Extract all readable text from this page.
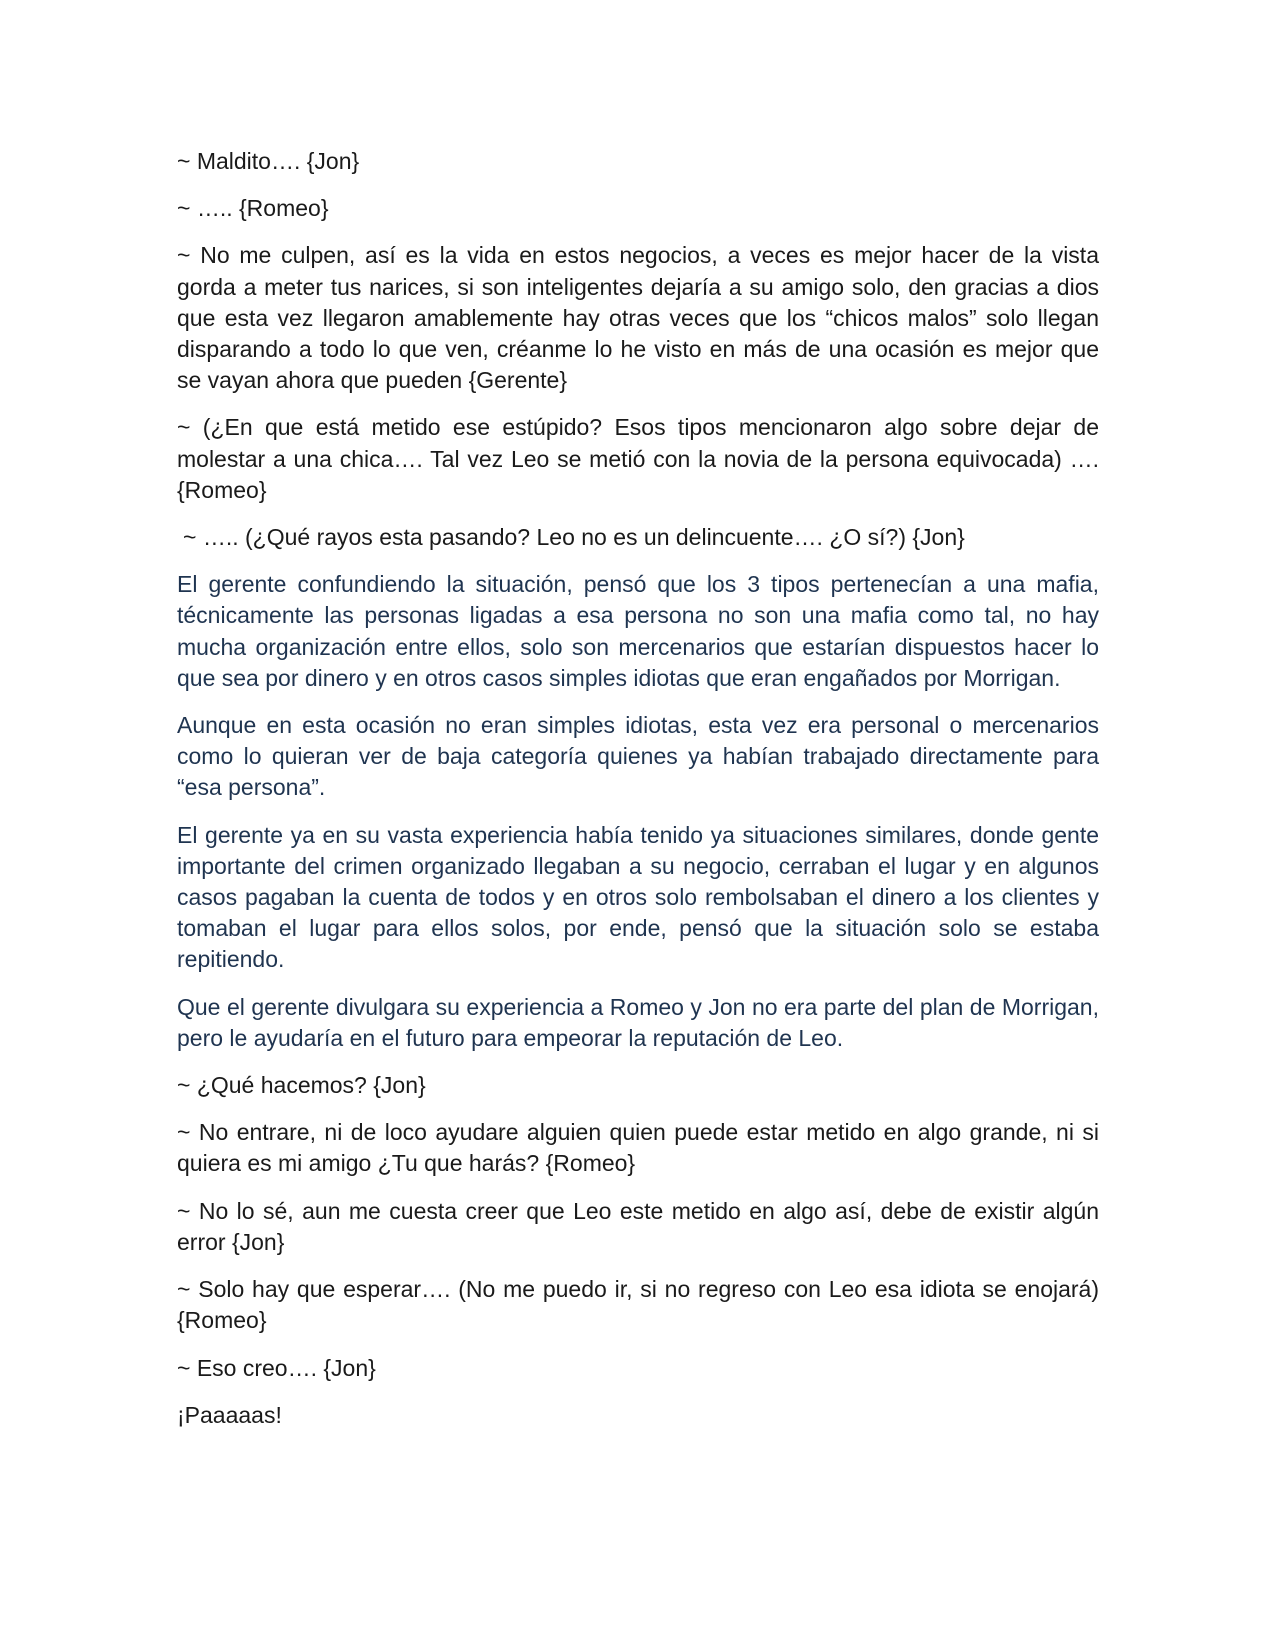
~ Maldito…. {Jon}

~ ….. {Romeo}

~ No me culpen, así es la vida en estos negocios, a veces es mejor hacer de la vista gorda a meter tus narices, si son inteligentes dejaría a su amigo solo, den gracias a dios que esta vez llegaron amablemente hay otras veces que los “chicos malos” solo llegan disparando a todo lo que ven, créanme lo he visto en más de una ocasión es mejor que se vayan ahora que pueden {Gerente}

~ (¿En que está metido ese estúpido? Esos tipos mencionaron algo sobre dejar de molestar a una chica…. Tal vez Leo se metió con la novia de la persona equivocada) …. {Romeo}

~ ….. (¿Qué rayos esta pasando? Leo no es un delincuente…. ¿O sí?) {Jon}

El gerente confundiendo la situación, pensó que los 3 tipos pertenecían a una mafia, técnicamente las personas ligadas a esa persona no son una mafia como tal, no hay mucha organización entre ellos, solo son mercenarios que estarían dispuestos hacer lo que sea por dinero y en otros casos simples idiotas que eran engañados por Morrigan.

Aunque en esta ocasión no eran simples idiotas, esta vez era personal o mercenarios como lo quieran ver de baja categoría quienes ya habían trabajado directamente para “esa persona”.

El gerente ya en su vasta experiencia había tenido ya situaciones similares, donde gente importante del crimen organizado llegaban a su negocio, cerraban el lugar y en algunos casos pagaban la cuenta de todos y en otros solo rembolsaban el dinero a los clientes y tomaban el lugar para ellos solos, por ende, pensó que la situación solo se estaba repitiendo.

Que el gerente divulgara su experiencia a Romeo y Jon no era parte del plan de Morrigan, pero le ayudaría en el futuro para empeorar la reputación de Leo.

~ ¿Qué hacemos? {Jon}

~ No entrare, ni de loco ayudare alguien quien puede estar metido en algo grande, ni si quiera es mi amigo ¿Tu que harás? {Romeo}

~ No lo sé, aun me cuesta creer que Leo este metido en algo así, debe de existir algún error {Jon}

~ Solo hay que esperar…. (No me puedo ir, si no regreso con Leo esa idiota se enojará) {Romeo}

~ Eso creo…. {Jon}

¡Paaaaas!
